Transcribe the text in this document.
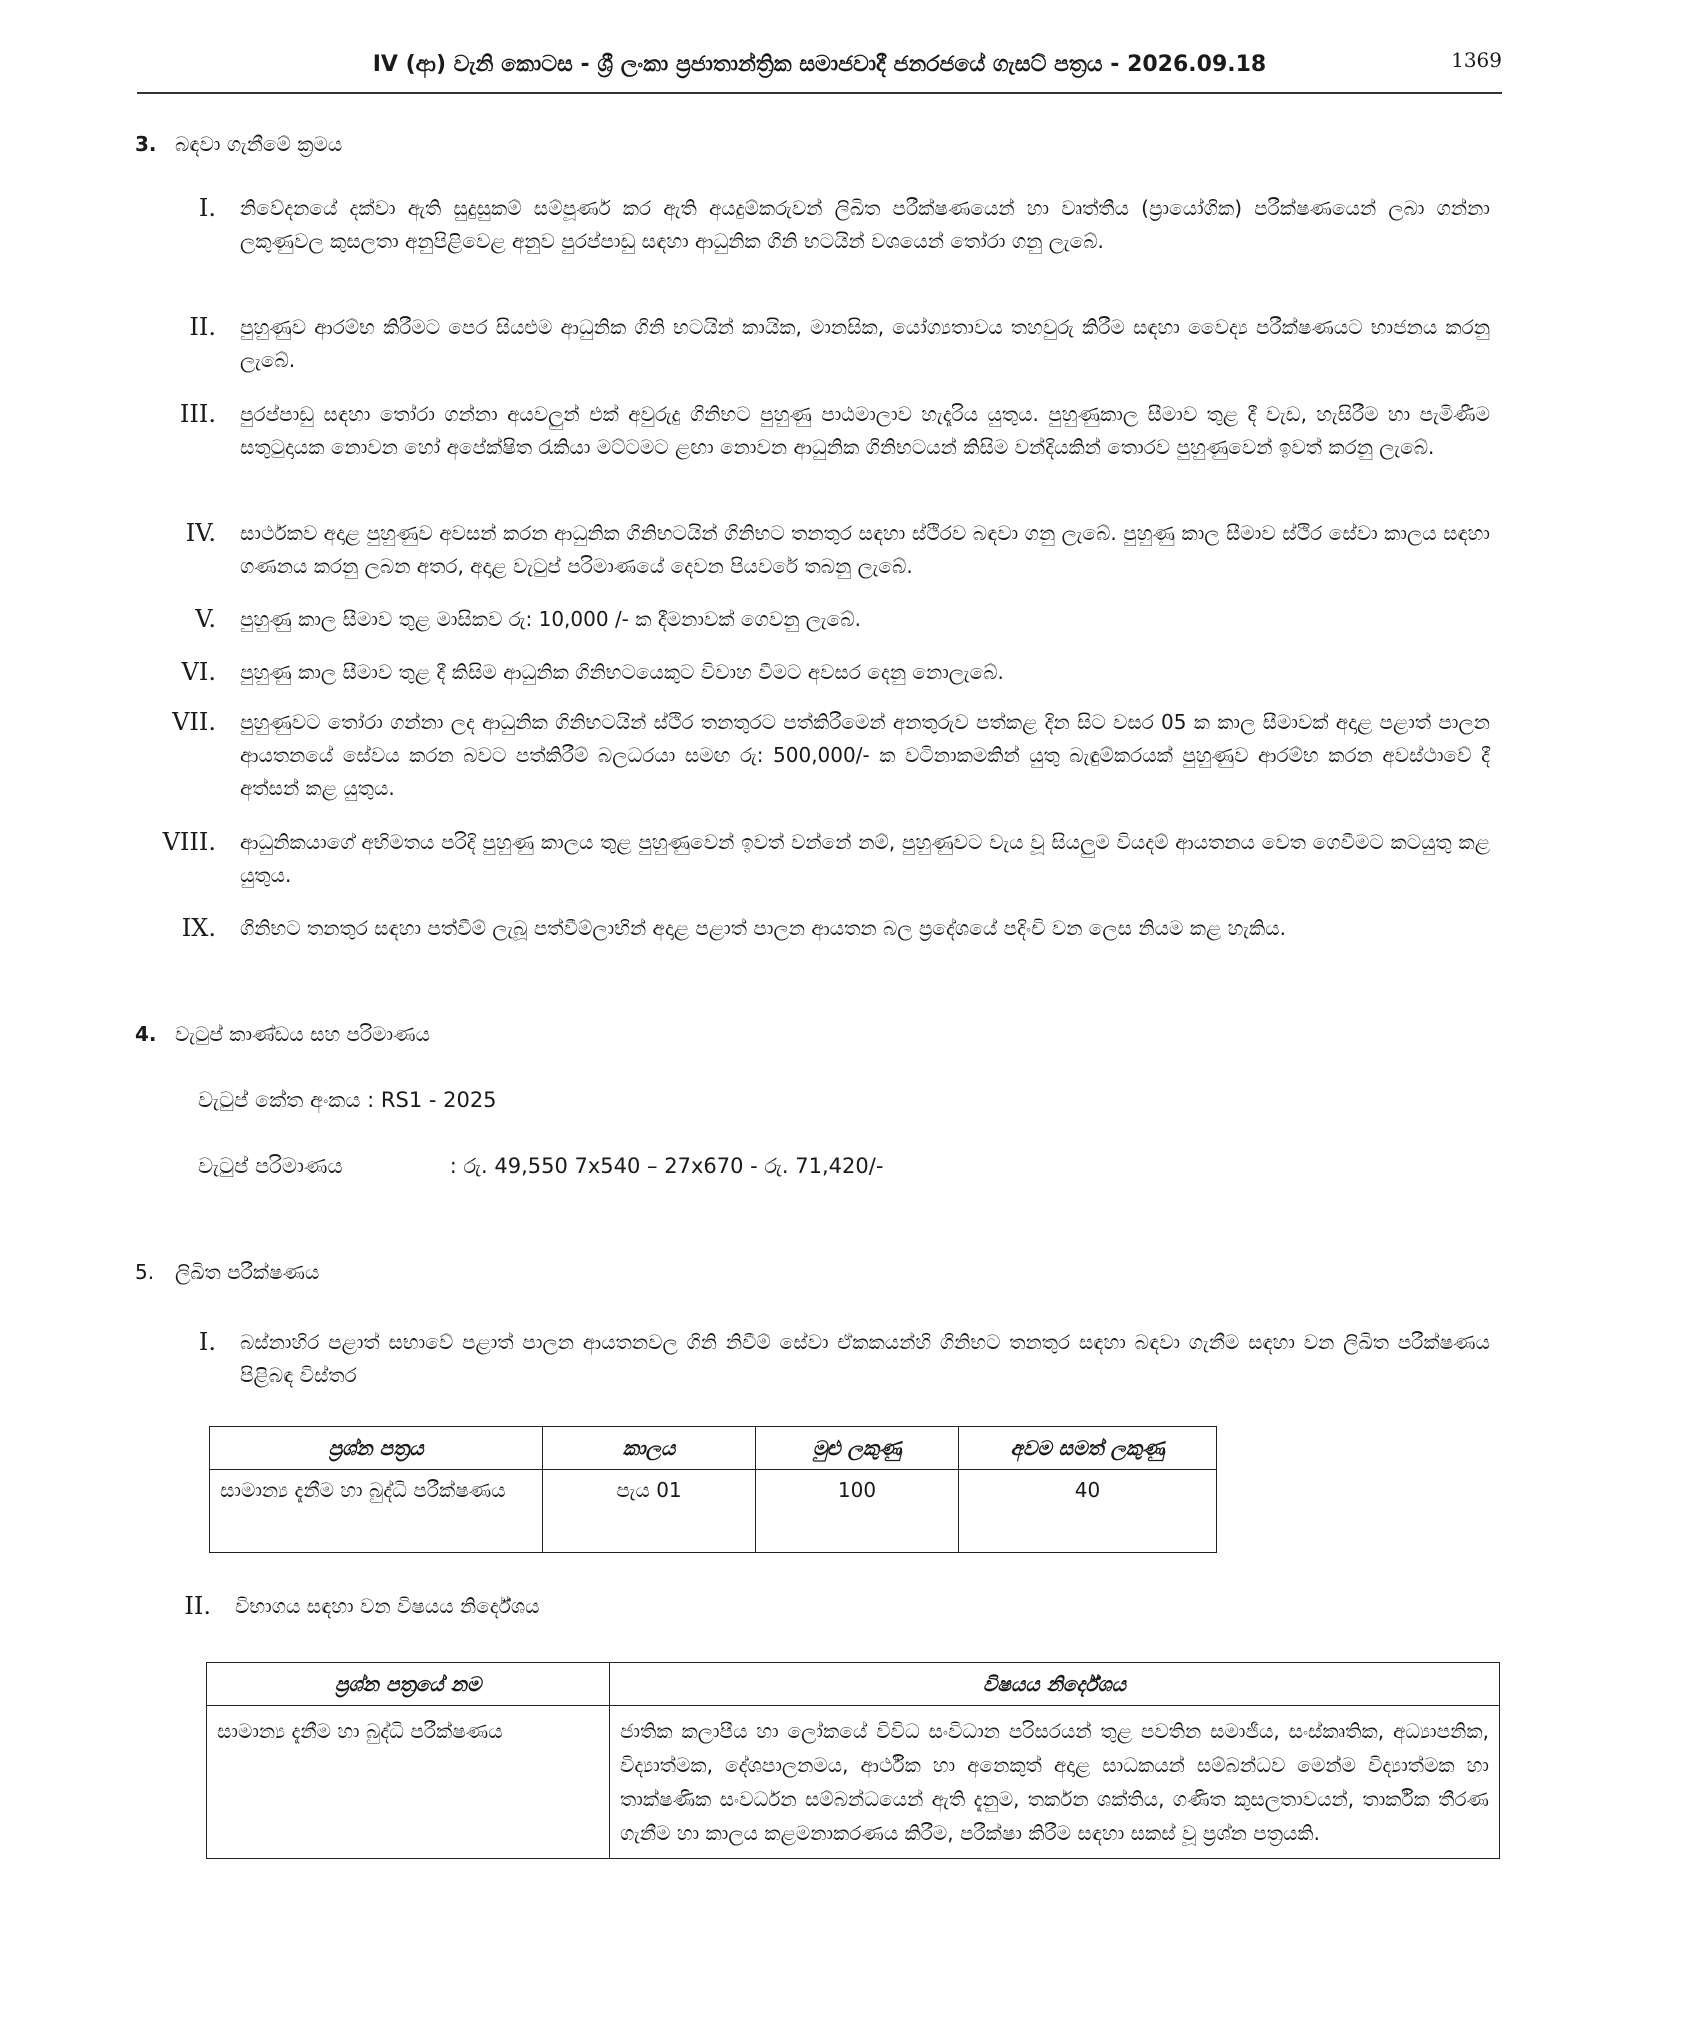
IV (ආ) වැනි කොටස - ශ්‍රී ලංකා ප්‍රජාතාන්ත්‍රික සමාජවාදී ජනරජයේ ගැසට් පත්‍රය - 2026.09.18	1369
3. බඳවා ගැනීමේ ක්‍රමය
I.	නිවේදනයේ දක්වා ඇති සුදුසුකම් සම්පූර්ණ කර ඇති අයදුම්කරුවන් ලිඛිත පරීක්ෂණයෙන් හා වෘත්තීය (ප්‍රායෝගික) පරීක්ෂණයෙන් ලබා ගන්නා ලකුණුවල කුසලතා අනුපිළිවෙළ අනුව පුරප්පාඩු සඳහා ආධුනික ගිනි භටයින් වශයෙන් තෝරා ගනු ලැබේ.
II.	පුහුණුව ආරම්භ කිරීමට පෙර සියළුම ආධුනික ගිනි භටයින් කායික, මානසික, යෝග්‍යතාවය තහවුරු කිරීම සඳහා වෛද්‍ය පරීක්ෂණයට භාජනය කරනු ලැබේ.
III.	පුරප්පාඩු සඳහා තෝරා ගන්නා අයවලුන් එක් අවුරුදු ගිනිභට පුහුණු පාඨමාලාව හැදෑරිය යුතුය. පුහුණුකාල සීමාව තුළ දී වැඩ, හැසිරීම හා පැමිණීම සතුටුදායක නොවන හෝ අපේක්ෂිත රැකියා මට්ටමට ළඟා නොවන ආධුනික ගිනිභටයන් කිසිම වන්දියකින් තොරව පුහුණුවෙන් ඉවත් කරනු ලැබේ.
IV.	සාර්ථකව අදාළ පුහුණුව අවසන් කරන ආධුනික ගිනිභටයින් ගිනිභට තනතුර සඳහා ස්ථිරව බඳවා ගනු ලැබේ. පුහුණු කාල සීමාව ස්ථිර සේවා කාලය සඳහා ගණනය කරනු ලබන අතර, අදාළ වැටුප් පරිමාණයේ දෙවන පියවරේ තබනු ලැබේ.
V.	පුහුණු කාල සීමාව තුළ මාසිකව රු: 10,000 /- ක දීමනාවක් ගෙවනු ලැබේ.
VI.	පුහුණු කාල සීමාව තුළ දී කිසිම ආධුනික ගිනිභටයෙකුට විවාහ වීමට අවසර දෙනු නොලැබේ.
VII.	පුහුණුවට තෝරා ගන්නා ලද ආධුනික ගිනිභටයින් ස්ථිර තනතුරට පත්කිරීමෙන් අනතුරුව පත්කළ දින සිට වසර 05 ක කාල සීමාවක් අදාළ පළාත් පාලන ආයතනයේ සේවය කරන බවට පත්කිරීම් බලධරයා සමඟ රු: 500,000/- ක වටිනාකමකින් යුතු බැඳුම්කරයක් පුහුණුව ආරම්භ කරන අවස්ථාවේ දී අත්සන් කළ යුතුය.
VIII.	ආධුනිකයාගේ අභිමතය පරිදි පුහුණු කාලය තුළ පුහුණුවෙන් ඉවත් වන්නේ නම්, පුහුණුවට වැය වූ සියලුම වියදම් ආයතනය වෙත ගෙවීමට කටයුතු කළ යුතුය.
IX.	ගිනිභට තනතුර සඳහා පත්වීම් ලැබූ පත්වීම්ලාභින් අදාළ පළාත් පාලන ආයතන බල ප්‍රදේශයේ පදිංචි වන ලෙස නියම කළ හැකිය.
4. වැටුප් කාණ්ඩය සහ පරිමාණය
වැටුප් කේත අංකය : RS1 - 2025
වැටුප් පරිමාණය	: රු. 49,550 7x540 – 27x670 - රු. 71,420/-
5. ලිඛිත පරීක්ෂණය
I.	බස්නාහිර පළාත් සභාවේ පළාත් පාලන ආයතනවල ගිනි නිවීම් සේවා ඒකකයන්හි ගිනිභට තනතුර සඳහා බඳවා ගැනීම සඳහා වන ලිඛිත පරීක්ෂණය පිළිබඳ විස්තර
ප්‍රශ්න පත්‍රය	කාලය	මුළු ලකුණු	අවම සමත් ලකුණු
සාමාන්‍ය දැනීම හා බුද්ධි පරීක්ෂණය	පැය 01	100	40
II.	විභාගය සඳහා වන විෂයය නිර්දේශය
ප්‍රශ්න පත්‍රයේ නම	විෂයය නිර්දේශය
සාමාන්‍ය දැනීම හා බුද්ධි පරීක්ෂණය	ජාතික කලාපීය හා ලෝකයේ විවිධ සංවිධාන පරිසරයන් තුළ පවතින සමාජීය, සංස්කෘතික, අධ්‍යාපනික, විද්‍යාත්මක, දේශපාලනමය, ආර්ථික හා අනෙකුත් අදාළ සාධකයන් සම්බන්ධව මෙන්ම විද්‍යාත්මක හා තාක්ෂණික සංවර්ධන සම්බන්ධයෙන් ඇති දැනුම, තර්කන ශක්තිය, ගණිත කුසලතාවයන්, තාර්කික තීරණ ගැනීම හා කාලය කළමනාකරණය කිරීම, පරීක්ෂා කිරීම සඳහා සකස් වූ ප්‍රශ්න පත්‍රයකි.
